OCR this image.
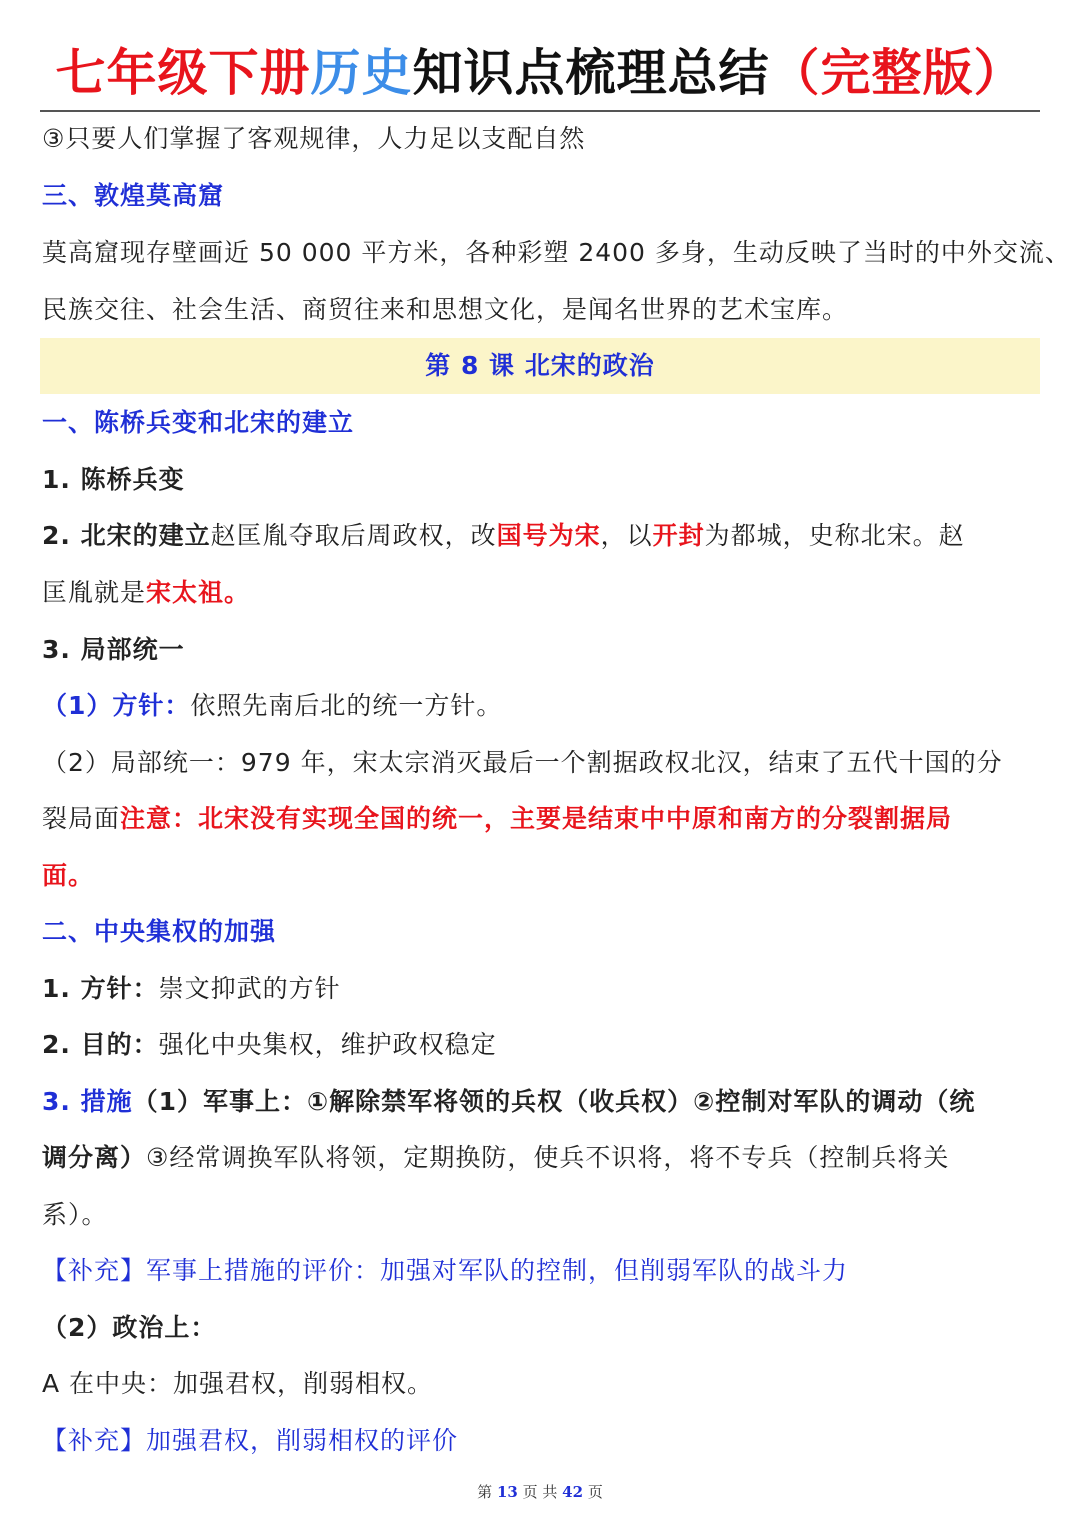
七年级下册历史知识点梳理总结（完整版）
③只要人们掌握了客观规律，人力足以支配自然
三、敦煌莫高窟
莫高窟现存壁画近 50 000 平方米，各种彩塑 2400 多身，生动反映了当时的中外交流、
民族交往、社会生活、商贸往来和思想文化，是闻名世界的艺术宝库。
第 8 课 北宋的政治
一、陈桥兵变和北宋的建立
1. 陈桥兵变
2. 北宋的建立赵匡胤夺取后周政权，改国号为宋，以开封为都城，史称北宋。赵
匡胤就是宋太祖。
3. 局部统一
（1）方针：依照先南后北的统一方针。
（2）局部统一：979 年，宋太宗消灭最后一个割据政权北汉，结束了五代十国的分
裂局面注意：北宋没有实现全国的统一，主要是结束中中原和南方的分裂割据局
面。
二、中央集权的加强
1. 方针：崇文抑武的方针
2. 目的：强化中央集权，维护政权稳定
3. 措施（1）军事上：①解除禁军将领的兵权（收兵权）②控制对军队的调动（统
调分离）③经常调换军队将领，定期换防，使兵不识将，将不专兵（控制兵将关
系）。
【补充】军事上措施的评价：加强对军队的控制，但削弱军队的战斗力
（2）政治上：
A 在中央：加强君权，削弱相权。
【补充】加强君权，削弱相权的评价
第 13 页 共 42 页
